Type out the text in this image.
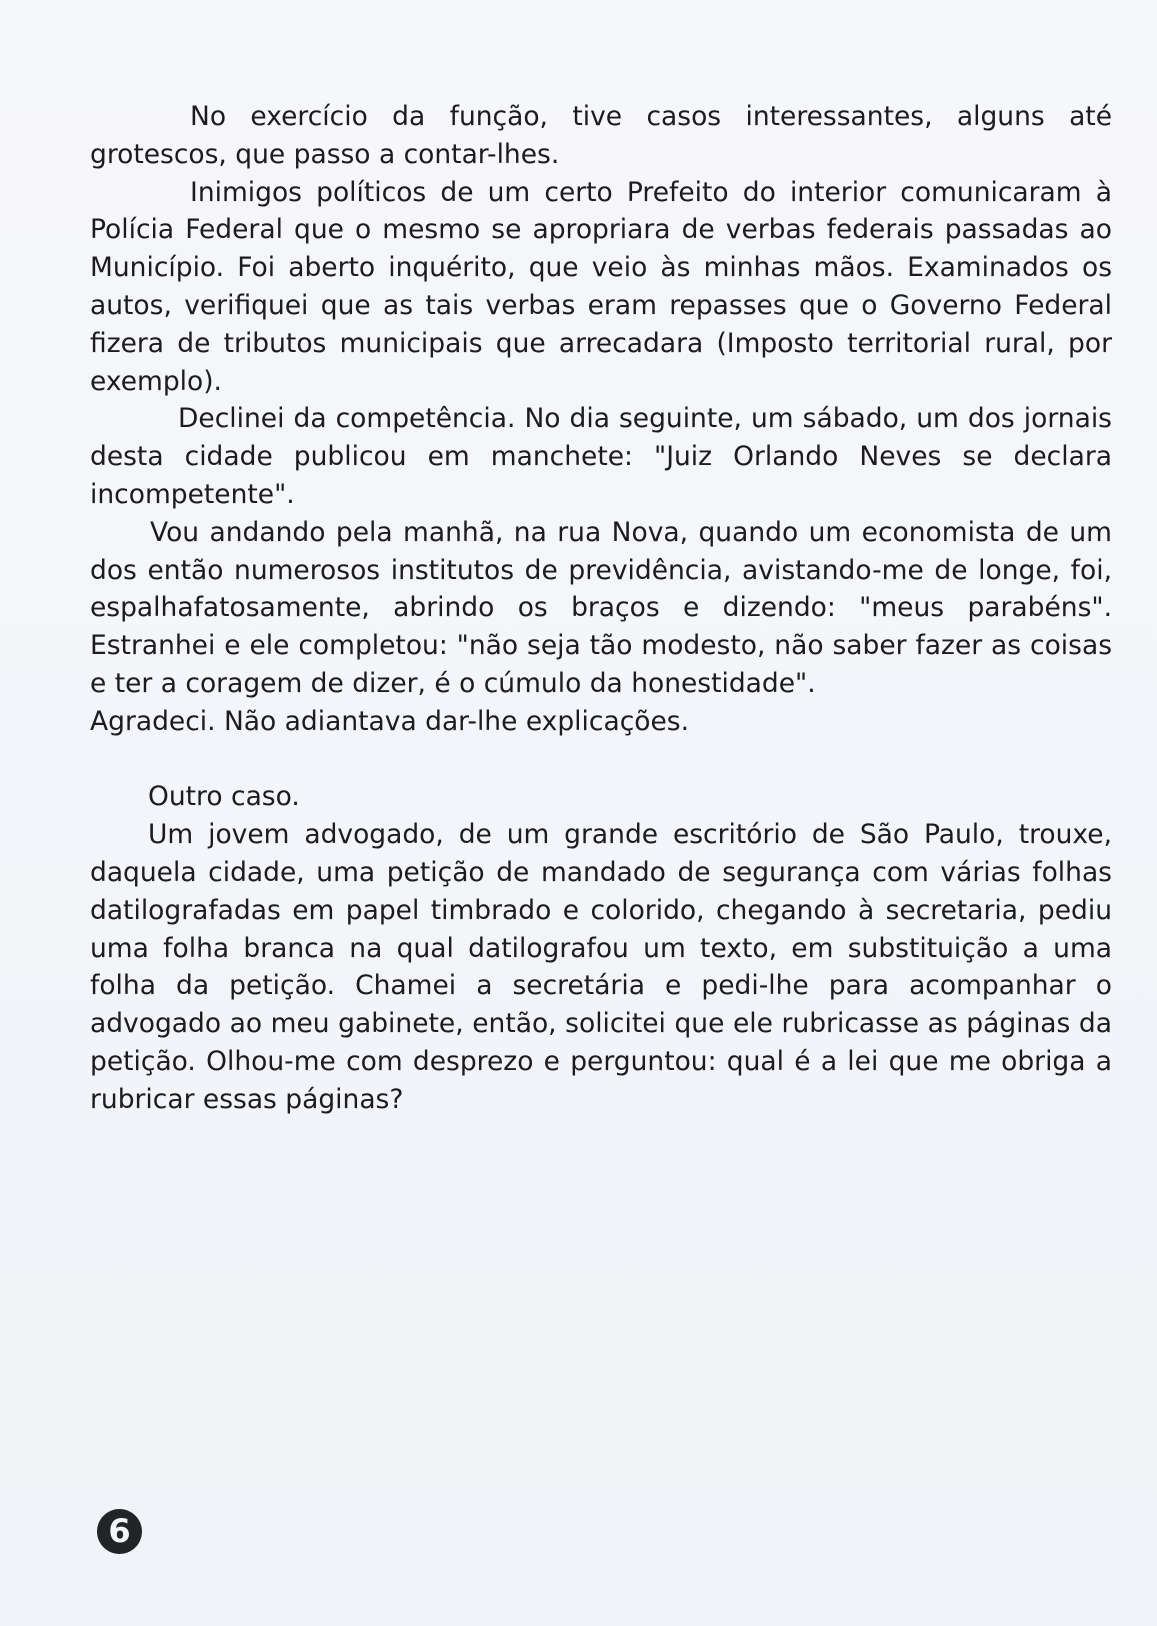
No exercício da função, tive casos interessantes, alguns até grotescos, que passo a contar-lhes.

Inimigos políticos de um certo Prefeito do interior comunicaram à Polícia Federal que o mesmo se apropriara de verbas federais passadas ao Município. Foi aberto inquérito, que veio às minhas mãos. Examinados os autos, verifiquei que as tais verbas eram repasses que o Governo Federal fizera de tributos municipais que arrecadara (Imposto territorial rural, por exemplo).

Declinei da competência. No dia seguinte, um sábado, um dos jornais desta cidade publicou em manchete: "Juiz Orlando Neves se declara incompetente".

Vou andando pela manhã, na rua Nova, quando um economista de um dos então numerosos institutos de previdência, avistando-me de longe, foi, espalhafatosamente, abrindo os braços e dizendo: "meus parabéns". Estranhei e ele completou: "não seja tão modesto, não saber fazer as coisas e ter a coragem de dizer, é o cúmulo da honestidade".

Agradeci. Não adiantava dar-lhe explicações.

Outro caso.

Um jovem advogado, de um grande escritório de São Paulo, trouxe, daquela cidade, uma petição de mandado de segurança com várias folhas datilografadas em papel timbrado e colorido, chegando à secretaria, pediu uma folha branca na qual datilografou um texto, em substituição a uma folha da petição. Chamei a secretária e pedi-lhe para acompanhar o advogado ao meu gabinete, então, solicitei que ele rubricasse as páginas da petição. Olhou-me com desprezo e perguntou: qual é a lei que me obriga a rubricar essas páginas?

6
